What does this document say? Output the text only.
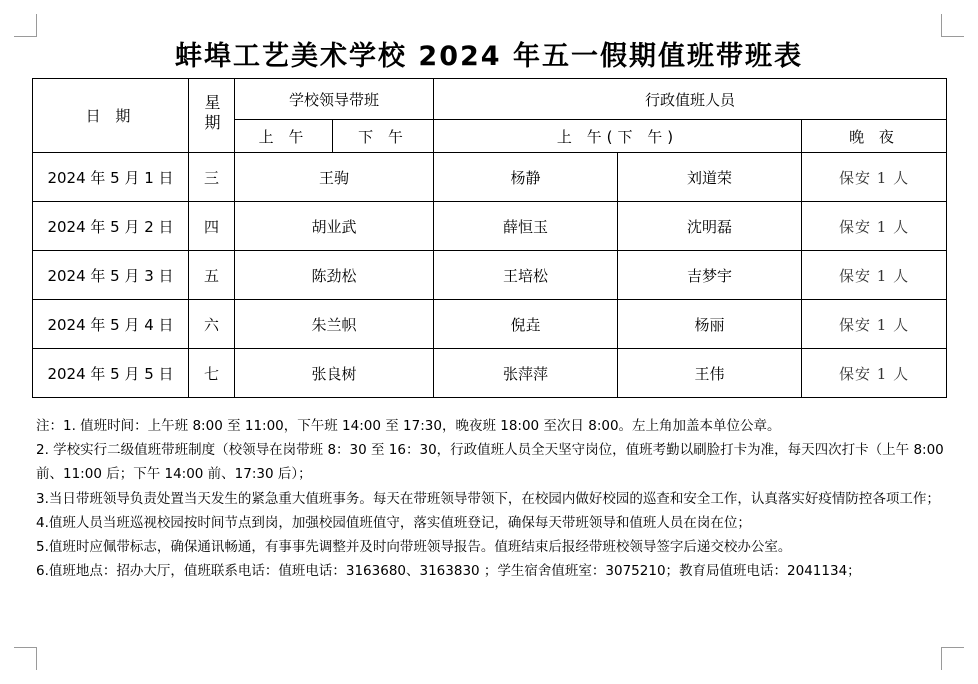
蚌埠工艺美术学校 2024 年五一假期值班带班表
日 期	星期	学校领导带班		行政值班人员		
		上 午	下 午	上 午(下 午)		晚 夜
2024 年 5 月 1 日	三	王驹		杨静	刘道荣	保安 1 人
2024 年 5 月 2 日	四	胡业武		薛恒玉	沈明磊	保安 1 人
2024 年 5 月 3 日	五	陈劲松		王培松	吉梦宇	保安 1 人
2024 年 5 月 4 日	六	朱兰帜		倪垚	杨丽	保安 1 人
2024 年 5 月 5 日	七	张良树		张萍萍	王伟	保安 1 人

注：1. 值班时间：上午班 8:00 至 11:00，下午班 14:00 至 17:30，晚夜班 18:00 至次日 8:00。左上角加盖本单位公章。

2. 学校实行二级值班带班制度（校领导在岗带班 8：30 至 16：30，行政值班人员全天坚守岗位，值班考勤以刷脸打卡为准，每天四次打卡（上午 8:00 前、11:00 后；下午 14:00 前、17:30 后）；

3.当日带班领导负责处置当天发生的紧急重大值班事务。每天在带班领导带领下，在校园内做好校园的巡查和安全工作，认真落实好疫情防控各项工作；

4.值班人员当班巡视校园按时间节点到岗，加强校园值班值守，落实值班登记，确保每天带班领导和值班人员在岗在位；

5.值班时应佩带标志，确保通讯畅通，有事事先调整并及时向带班领导报告。值班结束后报经带班校领导签字后递交校办公室。

6.值班地点：招办大厅，值班联系电话：值班电话：3163680、3163830 ；学生宿舍值班室：3075210；教育局值班电话：2041134；
